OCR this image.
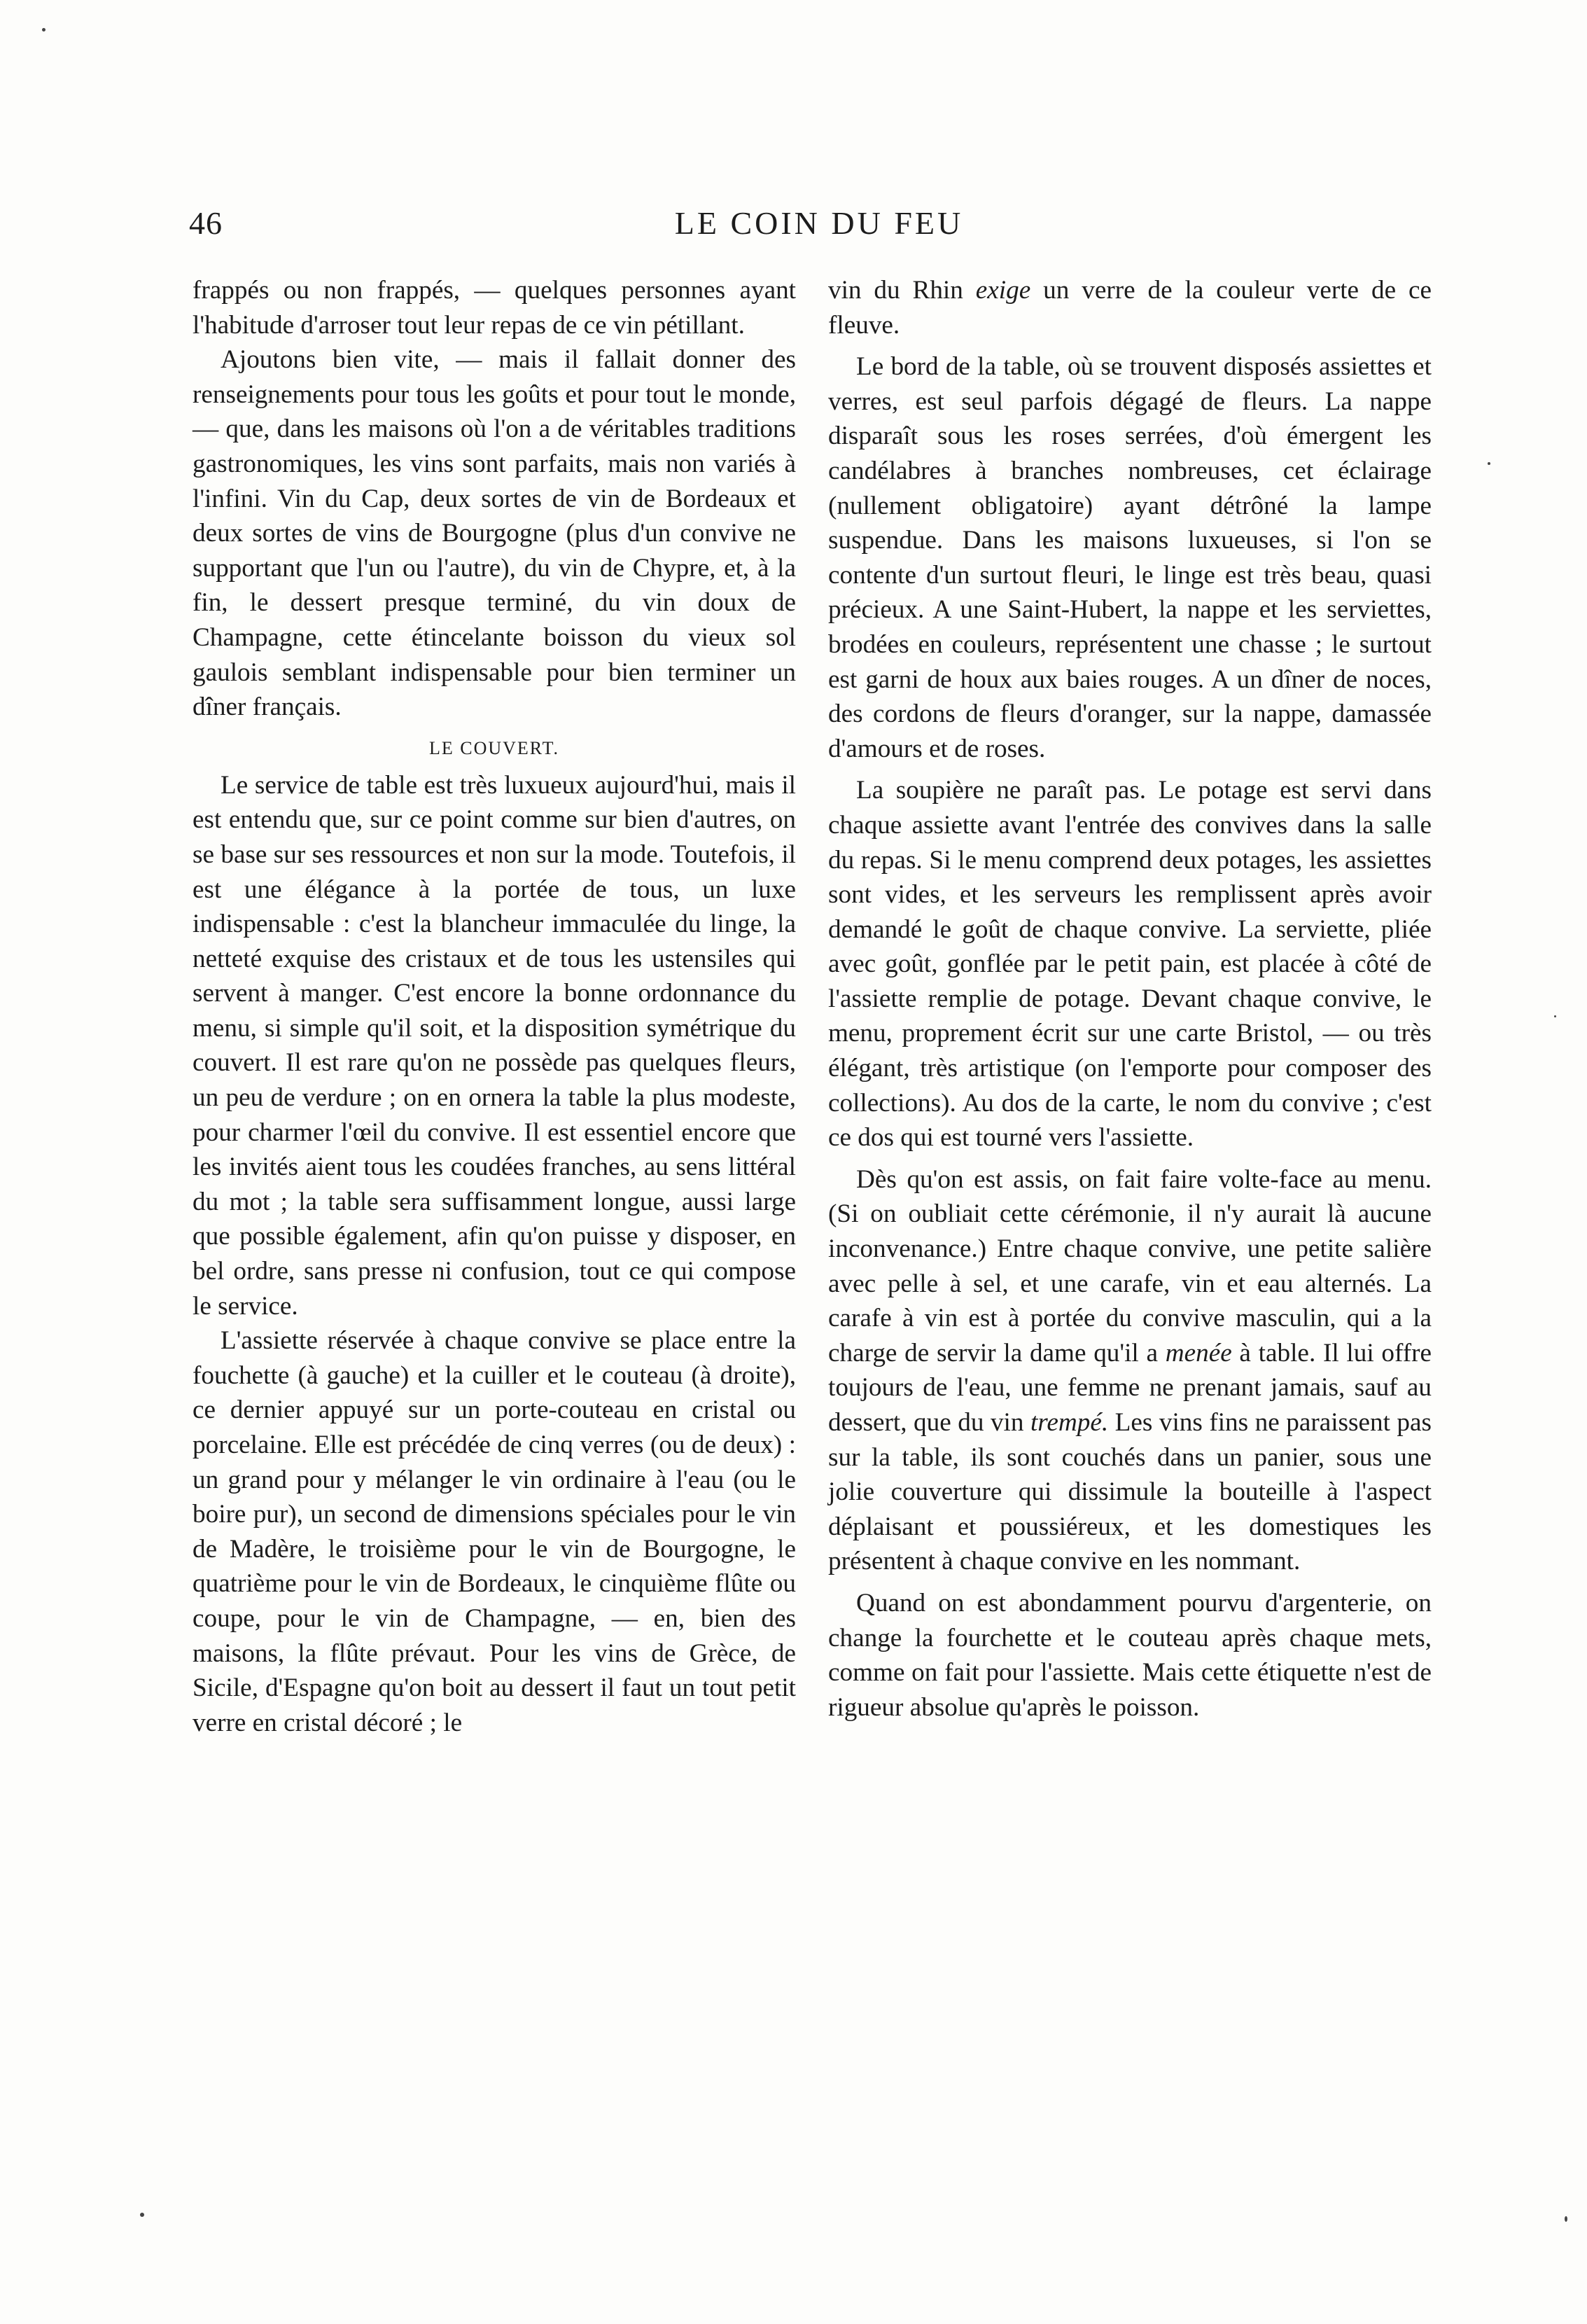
46	LE COIN DU FEU

frappés ou non frappés, — quelques personnes ayant l'habitude d'arroser tout leur repas de ce vin pétillant.

Ajoutons bien vite, — mais il fallait donner des renseignements pour tous les goûts et pour tout le monde, — que, dans les maisons où l'on a de véritables traditions gastronomiques, les vins sont parfaits, mais non variés à l'infini. Vin du Cap, deux sortes de vin de Bordeaux et deux sortes de vins de Bourgogne (plus d'un convive ne supportant que l'un ou l'autre), du vin de Chypre, et, à la fin, le dessert presque terminé, du vin doux de Champagne, cette étincelante boisson du vieux sol gaulois semblant indispensable pour bien terminer un dîner français.

LE COUVERT.

Le service de table est très luxueux aujourd'hui, mais il est entendu que, sur ce point comme sur bien d'autres, on se base sur ses ressources et non sur la mode. Toutefois, il est une élégance à la portée de tous, un luxe indispensable : c'est la blancheur immaculée du linge, la netteté exquise des cristaux et de tous les ustensiles qui servent à manger. C'est encore la bonne ordonnance du menu, si simple qu'il soit, et la disposition symétrique du couvert. Il est rare qu'on ne possède pas quelques fleurs, un peu de verdure ; on en ornera la table la plus modeste, pour charmer l'œil du convive. Il est essentiel encore que les invités aient tous les coudées franches, au sens littéral du mot ; la table sera suffisamment longue, aussi large que possible également, afin qu'on puisse y disposer, en bel ordre, sans presse ni confusion, tout ce qui compose le service.

L'assiette réservée à chaque convive se place entre la fouchette (à gauche) et la cuiller et le couteau (à droite), ce dernier appuyé sur un porte-couteau en cristal ou porcelaine. Elle est précédée de cinq verres (ou de deux) : un grand pour y mélanger le vin ordinaire à l'eau (ou le boire pur), un second de dimensions spéciales pour le vin de Madère, le troisième pour le vin de Bourgogne, le quatrième pour le vin de Bordeaux, le cinquième flûte ou coupe, pour le vin de Champagne, — en, bien des maisons, la flûte prévaut. Pour les vins de Grèce, de Sicile, d'Espagne qu'on boit au dessert il faut un tout petit verre en cristal décoré ; le

vin du Rhin exige un verre de la couleur verte de ce fleuve.

Le bord de la table, où se trouvent disposés assiettes et verres, est seul parfois dégagé de fleurs. La nappe disparaît sous les roses serrées, d'où émergent les candélabres à branches nombreuses, cet éclairage (nullement obligatoire) ayant détrôné la lampe suspendue. Dans les maisons luxueuses, si l'on se contente d'un surtout fleuri, le linge est très beau, quasi précieux. A une Saint-Hubert, la nappe et les serviettes, brodées en couleurs, représentent une chasse ; le surtout est garni de houx aux baies rouges. A un dîner de noces, des cordons de fleurs d'oranger, sur la nappe, damassée d'amours et de roses.

La soupière ne paraît pas. Le potage est servi dans chaque assiette avant l'entrée des convives dans la salle du repas. Si le menu comprend deux potages, les assiettes sont vides, et les serveurs les remplissent après avoir demandé le goût de chaque convive. La serviette, pliée avec goût, gonflée par le petit pain, est placée à côté de l'assiette remplie de potage. Devant chaque convive, le menu, proprement écrit sur une carte Bristol, — ou très élégant, très artistique (on l'emporte pour composer des collections). Au dos de la carte, le nom du convive ; c'est ce dos qui est tourné vers l'assiette.

Dès qu'on est assis, on fait faire volte-face au menu. (Si on oubliait cette cérémonie, il n'y aurait là aucune inconvenance.) Entre chaque convive, une petite salière avec pelle à sel, et une carafe, vin et eau alternés. La carafe à vin est à portée du convive masculin, qui a la charge de servir la dame qu'il a menée à table. Il lui offre toujours de l'eau, une femme ne prenant jamais, sauf au dessert, que du vin trempé. Les vins fins ne paraissent pas sur la table, ils sont couchés dans un panier, sous une jolie couverture qui dissimule la bouteille à l'aspect déplaisant et poussiéreux, et les domestiques les présentent à chaque convive en les nommant.

Quand on est abondamment pourvu d'argenterie, on change la fourchette et le couteau après chaque mets, comme on fait pour l'assiette. Mais cette étiquette n'est de rigueur absolue qu'après le poisson.
